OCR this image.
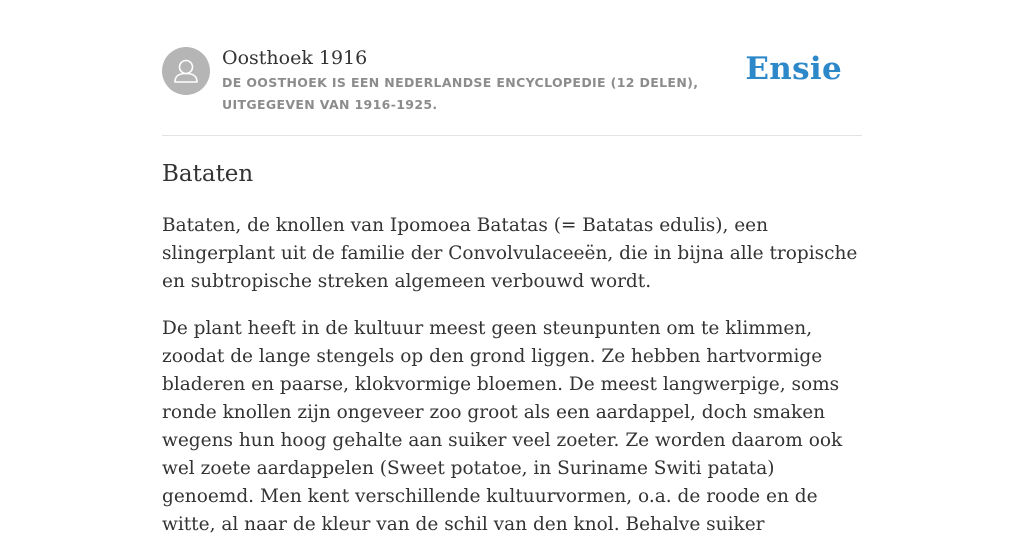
Oosthoek 1916
DE OOSTHOEK IS EEN NEDERLANDSE ENCYCLOPEDIE (12 DELEN), UITGEGEVEN VAN 1916-1925.
Ensie
Bataten

Bataten, de knollen van Ipomoea Batatas (= Batatas edulis), een slingerplant uit de familie der Convolvulaceeën, die in bijna alle tropische en subtropische streken algemeen verbouwd wordt.

De plant heeft in de kultuur meest geen steunpunten om te klimmen, zoodat de lange stengels op den grond liggen. Ze hebben hartvormige bladeren en paarse, klokvormige bloemen. De meest langwerpige, soms ronde knollen zijn ongeveer zoo groot als een aardappel, doch smaken wegens hun hoog gehalte aan suiker veel zoeter. Ze worden daarom ook wel zoete aardappelen (Sweet potatoe, in Suriname Switi patata) genoemd. Men kent verschillende kultuurvormen, o.a. de roode en de witte, al naar de kleur van de schil van den knol. Behalve suiker
